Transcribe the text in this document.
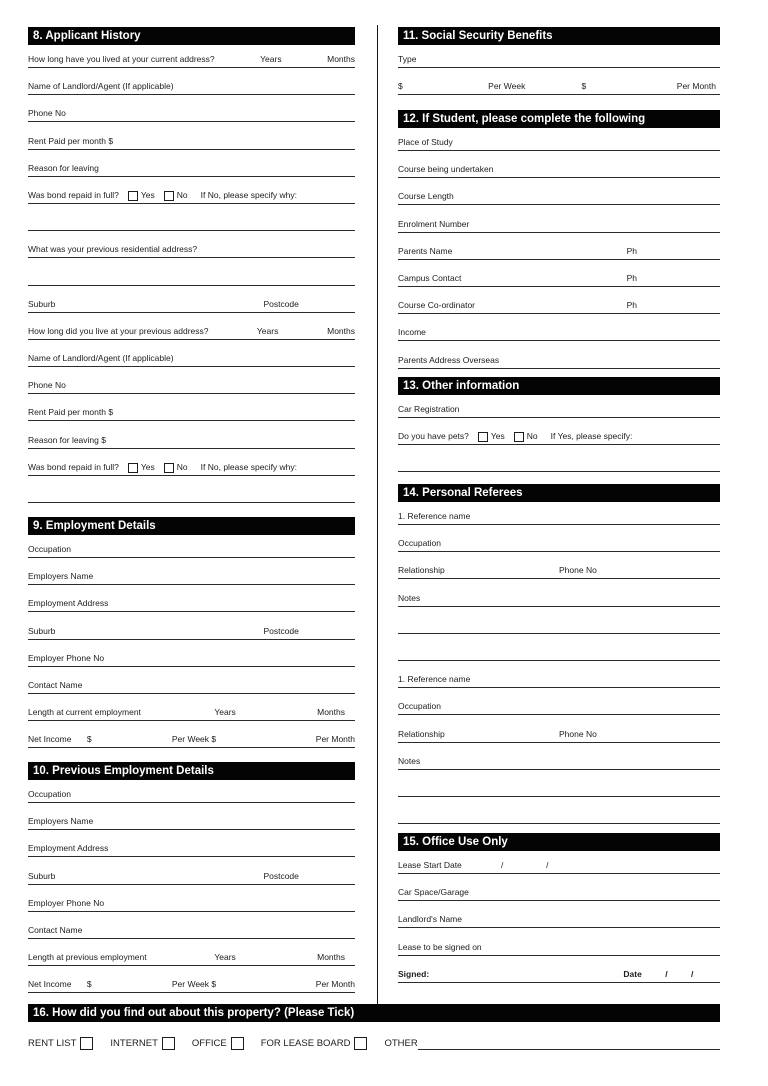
8. Applicant History
How long have you lived at your current address?	Years	Months
Name of Landlord/Agent (If applicable)
Phone No
Rent Paid per month $
Reason for leaving
Was bond repaid in full?	Yes	No If No, please specify why:
What was your previous residential address?
Suburb	Postcode
How long did you live at your previous address?	Years	Months
Name of Landlord/Agent (If applicable)
Phone No
Rent Paid per month $
Reason for leaving $
Was bond repaid in full?	Yes	No If No, please specify why:
9. Employment Details
Occupation
Employers Name
Employment Address
Suburb	Postcode
Employer Phone No
Contact Name
Length at current employment	Years	Months
Net Income $	Per Week $	Per Month
10. Previous Employment Details
Occupation
Employers Name
Employment Address
Suburb	Postcode
Employer Phone No
Contact Name
Length at previous employment	Years	Months
Net Income $	Per Week $	Per Month
11. Social Security Benefits
Type
$	Per Week	$	Per Month
12. If Student, please complete the following
Place of Study
Course being undertaken
Course Length
Enrolment Number
Parents Name	Ph
Campus Contact	Ph
Course Co-ordinator	Ph
Income
Parents Address Overseas
13. Other information
Car Registration
Do you have pets?	Yes	No If Yes, please specify:
14. Personal Referees
1. Reference name
Occupation
Relationship	Phone No
Notes
1. Reference name
Occupation
Relationship	Phone No
Notes
15. Office Use Only
Lease Start Date	/	/
Car Space/Garage
Landlord's Name
Lease to be signed on
Signed:	Date	/	/
16. How did you find out about this property? (Please Tick)
RENT LIST	INTERNET	OFFICE	FOR LEASE BOARD	OTHER
